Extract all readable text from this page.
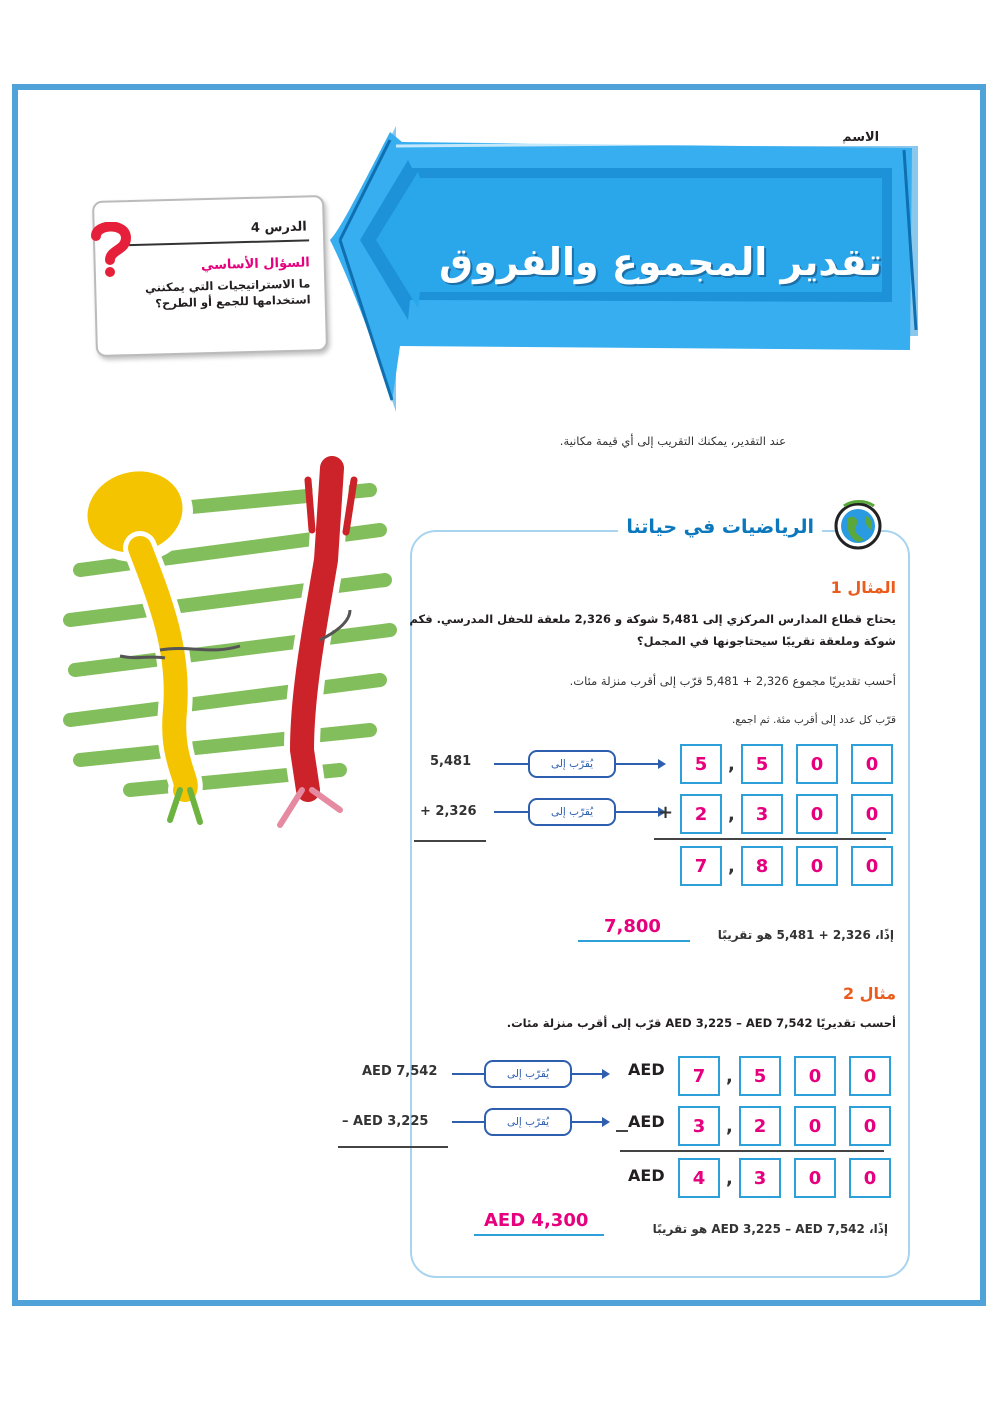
الاسم
تقدير المجموع والفروق
الدرس 4
السؤال الأساسي
ما الاستراتيجيات التي يمكنني استخدامها للجمع أو الطرح؟
عند التقدير، يمكنك التقريب إلى أي قيمة مكانية.
الرياضيات في حياتنا
المثال 1
يحتاج قطاع المدارس المركزي إلى 5,481 شوكة و 2,326 ملعقة للحفل المدرسي. فكم شوكة وملعقة تقريبًا سيحتاجونها في المجمل؟
أحسب تقديريًا مجموع 2,326 + 5,481 قرّب إلى أقرب منزلة مئات.
قرّب كل عدد إلى أقرب مئة. ثم اجمع.
5,481
+ 2,326
يُقرّب إلى
يُقرّب إلى
5	,	5	0	0
+	2	,	3	0	0
7	,	8	0	0
إذًا، 2,326 + 5,481 هو تقريبًا
7,800
مثال 2
أحسب تقديريًا AED 3,225 – AED 7,542 قرّب إلى أقرب منزلة مئات.
AED 7,542
– AED 3,225
يُقرّب إلى
يُقرّب إلى
AED	7	,	5	0	0
AED	3	,	2	0	0
AED	4	,	3	0	0
إذًا، AED 3,225 – AED 7,542 هو تقريبًا
AED 4,300
